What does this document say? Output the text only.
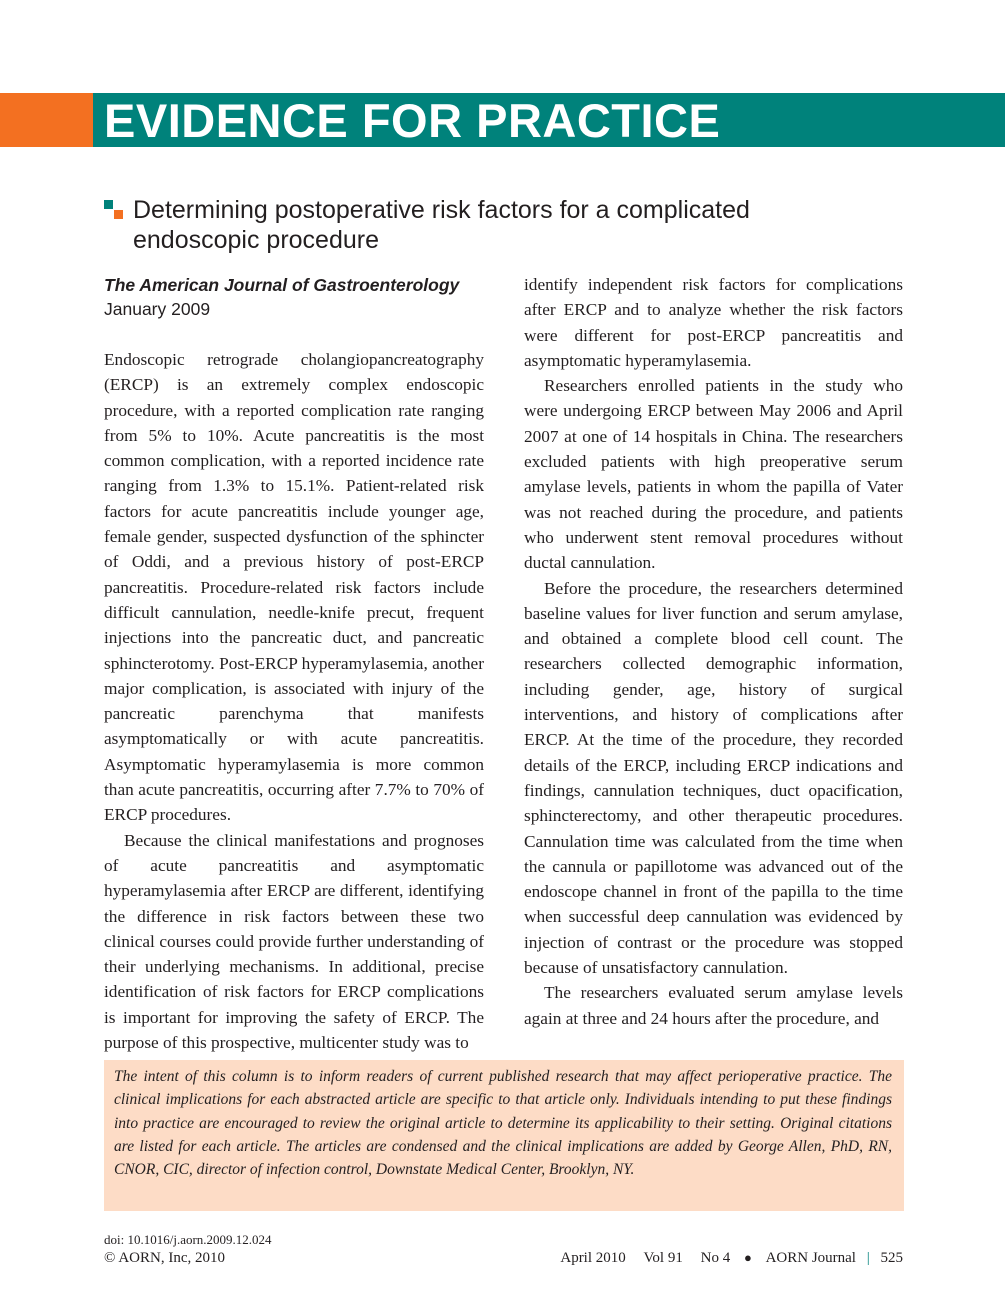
EVIDENCE FOR PRACTICE
Determining postoperative risk factors for a complicated endoscopic procedure
The American Journal of Gastroenterology
January 2009

Endoscopic retrograde cholangiopancreatography (ERCP) is an extremely complex endoscopic procedure, with a reported complication rate ranging from 5% to 10%. Acute pancreatitis is the most common complication, with a reported incidence rate ranging from 1.3% to 15.1%. Patient-related risk factors for acute pancreatitis include younger age, female gender, suspected dysfunction of the sphincter of Oddi, and a previous history of post-ERCP pancreatitis. Procedure-related risk factors include difficult cannulation, needle-knife precut, frequent injections into the pancreatic duct, and pancreatic sphincterotomy. Post-ERCP hyperamylasemia, another major complication, is associated with injury of the pancreatic parenchyma that manifests asymptomatically or with acute pancreatitis. Asymptomatic hyperamylasemia is more common than acute pancreatitis, occurring after 7.7% to 70% of ERCP procedures.

Because the clinical manifestations and prognoses of acute pancreatitis and asymptomatic hyperamylasemia after ERCP are different, identifying the difference in risk factors between these two clinical courses could provide further understanding of their underlying mechanisms. In additional, precise identification of risk factors for ERCP complications is important for improving the safety of ERCP. The purpose of this prospective, multicenter study was to

identify independent risk factors for complications after ERCP and to analyze whether the risk factors were different for post-ERCP pancreatitis and asymptomatic hyperamylasemia.

Researchers enrolled patients in the study who were undergoing ERCP between May 2006 and April 2007 at one of 14 hospitals in China. The researchers excluded patients with high preoperative serum amylase levels, patients in whom the papilla of Vater was not reached during the procedure, and patients who underwent stent removal procedures without ductal cannulation.

Before the procedure, the researchers determined baseline values for liver function and serum amylase, and obtained a complete blood cell count. The researchers collected demographic information, including gender, age, history of surgical interventions, and history of complications after ERCP. At the time of the procedure, they recorded details of the ERCP, including ERCP indications and findings, cannulation techniques, duct opacification, sphincterectomy, and other therapeutic procedures. Cannulation time was calculated from the time when the cannula or papillotome was advanced out of the endoscope channel in front of the papilla to the time when successful deep cannulation was evidenced by injection of contrast or the procedure was stopped because of unsatisfactory cannulation.

The researchers evaluated serum amylase levels again at three and 24 hours after the procedure, and

The intent of this column is to inform readers of current published research that may affect perioperative practice. The clinical implications for each abstracted article are specific to that article only. Individuals intending to put these findings into practice are encouraged to review the original article to determine its applicability to their setting. Original citations are listed for each article. The articles are condensed and the clinical implications are added by George Allen, PhD, RN, CNOR, CIC, director of infection control, Downstate Medical Center, Brooklyn, NY.
doi: 10.1016/j.aorn.2009.12.024
© AORN, Inc, 2010	April 2010 Vol 91 No 4 ● AORN Journal | 525
